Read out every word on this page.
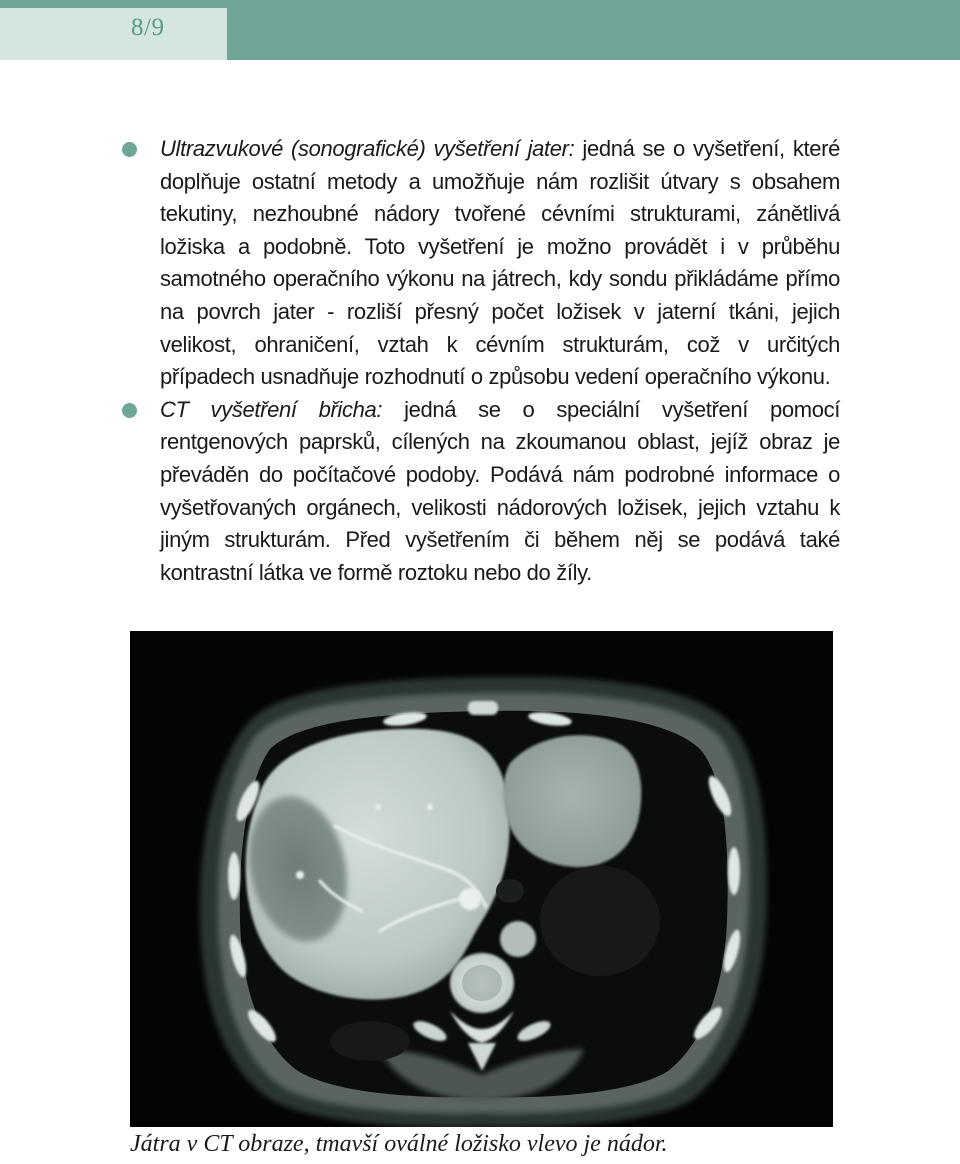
8/9
Ultrazvukové (sonografické) vyšetření jater: jedná se o vyšetření, které doplňuje ostatní metody a umožňuje nám rozlišit útvary s obsahem tekutiny, nezhoubné nádory tvořené cévními strukturami, zánětlivá ložiska a podobně. Toto vyšetření je možno provádět i v průběhu samotného operačního výkonu na játrech, kdy sondu přikládáme přímo na povrch jater - rozliší přesný počet ložisek v jaterní tkáni, jejich velikost, ohraničení, vztah k cévním strukturám, což v určitých případech usnadňuje rozhodnutí o způsobu vedení operačního výkonu.
CT vyšetření břicha: jedná se o speciální vyšetření pomocí rentgenových paprsků, cílených na zkoumanou oblast, jejíž obraz je převáděn do počítačové podoby. Podává nám podrobné informace o vyšetřovaných orgánech, velikosti nádorových ložisek, jejich vztahu k jiným strukturám. Před vyšetřením či během něj se podává také kontrastní látka ve formě roztoku nebo do žíly.
Játra v CT obraze, tmavší oválné ložisko vlevo je nádor.
